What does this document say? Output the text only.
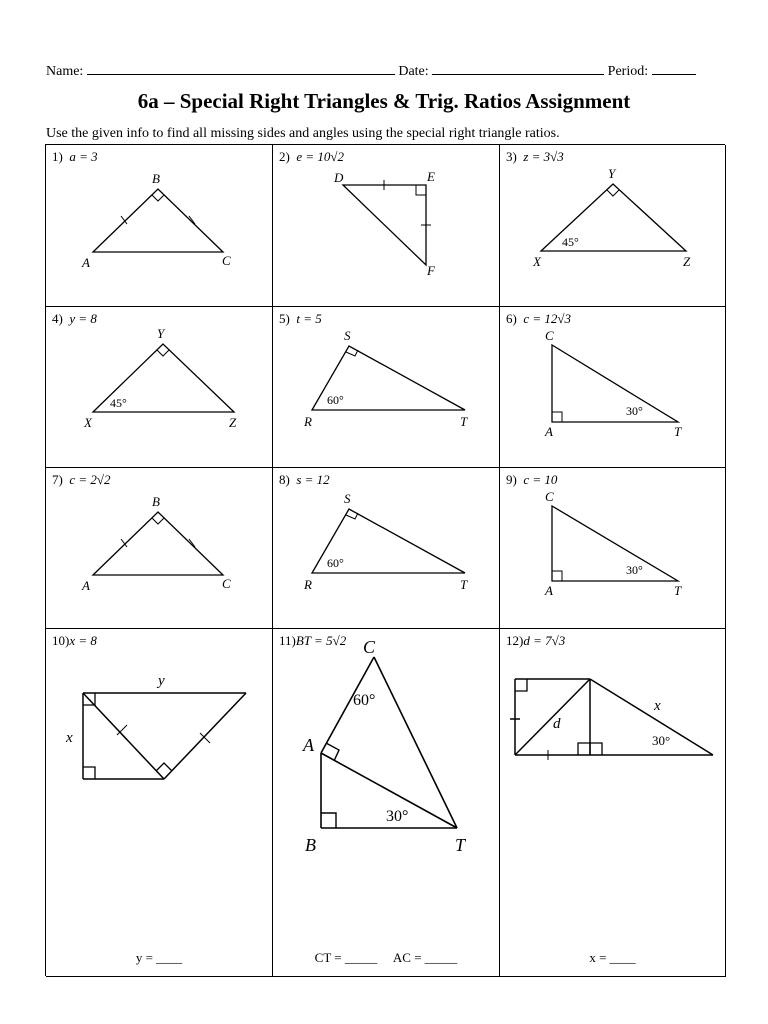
Name:	Date:	Period:
6a – Special Right Triangles & Trig. Ratios Assignment
Use the given info to find all missing sides and angles using the special right triangle ratios.
1) a = 3
B
A	C
2) e = 10√2
D	E
F
3) z = 3√3
45°
Y
X	Z
4) y = 8
45°
Y
X	Z
5) t = 5
60°
S
R	T
6) c = 12√3
30°
C
A	T
7) c = 2√2
B
A	C
8) s = 12
60°
S
R	T
9) c = 10
30°
C
A	T
10)x = 8
y
x
y = ____
11)BT = 5√2 C
A
B	T
60°
30°
CT = _____     AC = _____
12)d = 7√3
x
d
30°
x = ____
